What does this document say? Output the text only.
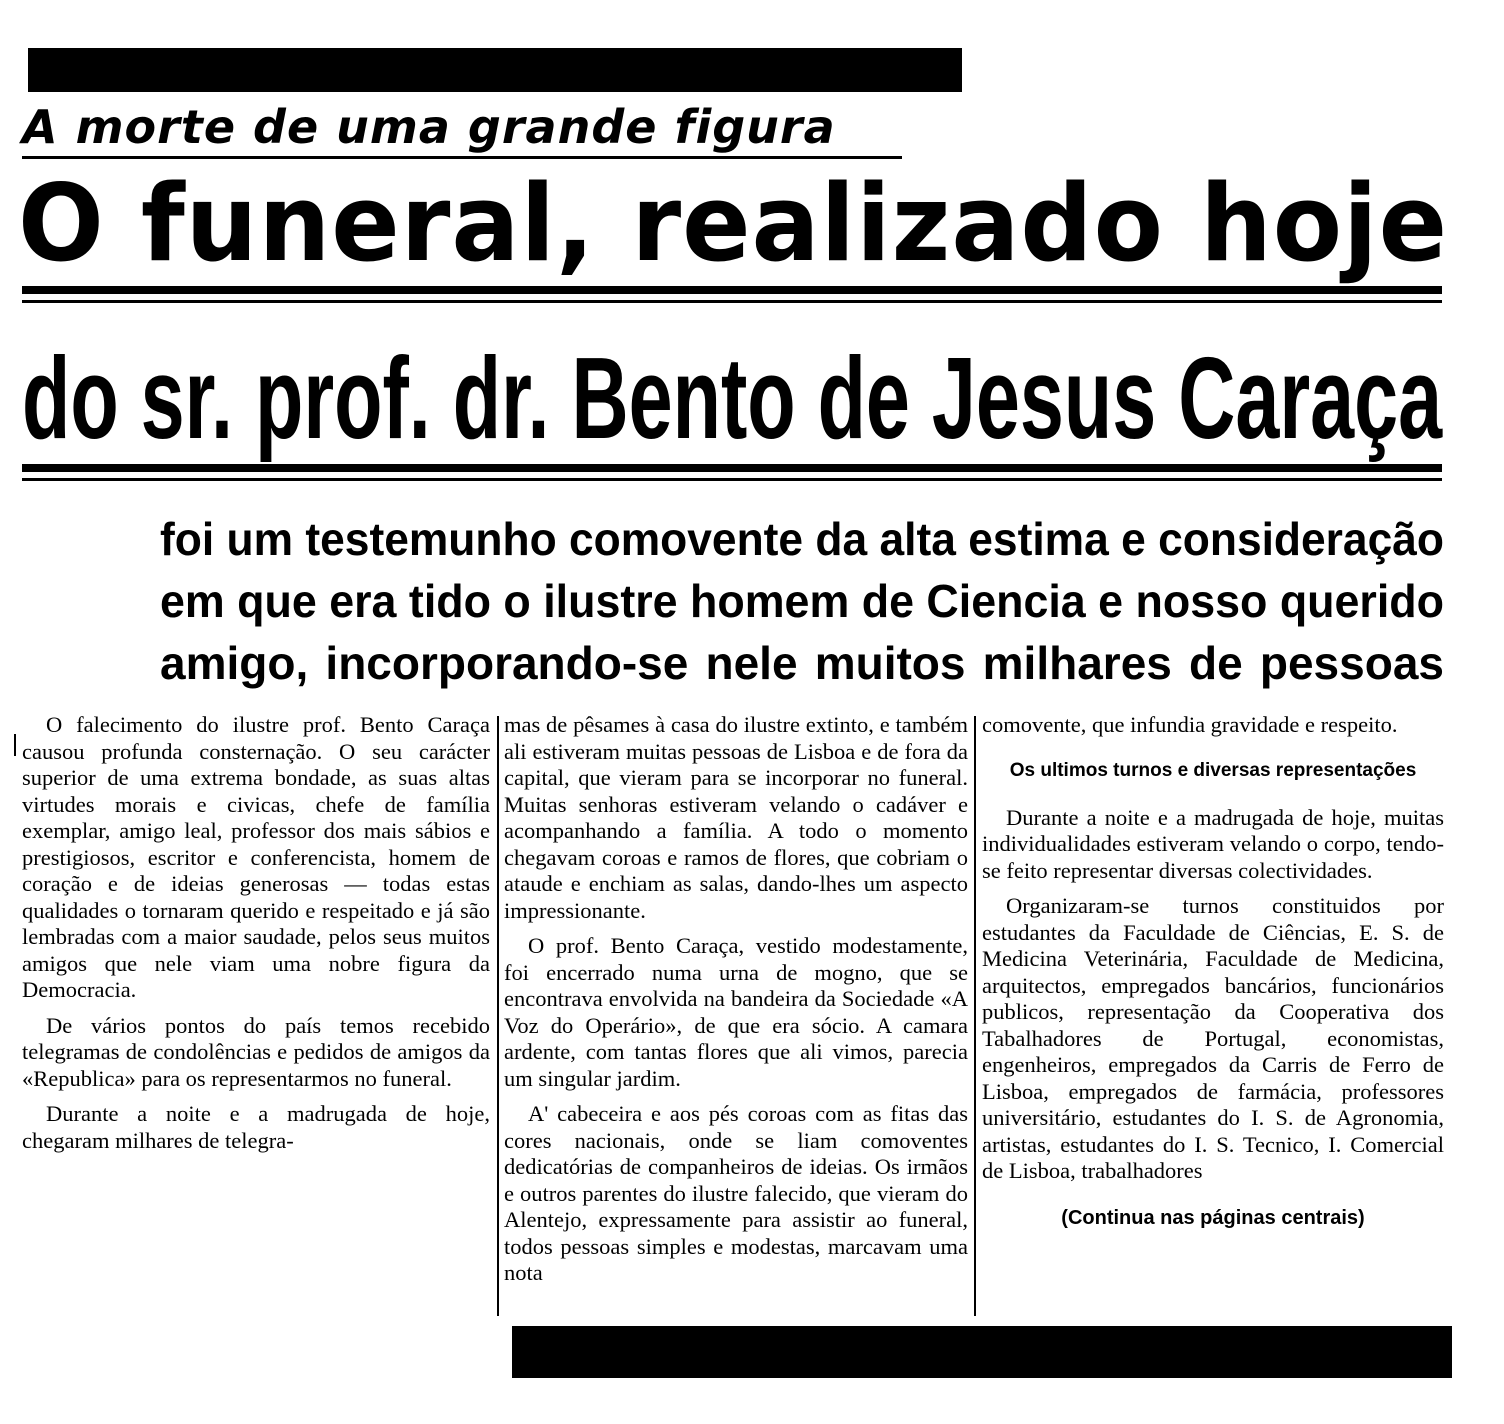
A morte de uma grande figura
O funeral, realizado hoje
do sr. prof. dr. Bento de Jesus Caraça
foi um testemunho comovente da alta estima e consideração
em que era tido o ilustre homem de Ciencia e nosso querido
amigo, incorporando-se nele muitos milhares de pessoas

O falecimento do ilustre prof. Bento Caraça causou profunda consternação. O seu carácter superior de uma extrema bondade, as suas altas virtudes morais e civicas, chefe de família exemplar, amigo leal, professor dos mais sábios e prestigiosos, escritor e conferencista, homem de coração e de ideias generosas — todas estas qualidades o tornaram querido e respeitado e já são lembradas com a maior saudade, pelos seus muitos amigos que nele viam uma nobre figura da Democracia.

De vários pontos do país temos recebido telegramas de condolências e pedidos de amigos da «Republica» para os representarmos no funeral.

Durante a noite e a madrugada de hoje, chegaram milhares de telegra-

mas de pêsames à casa do ilustre extinto, e também ali estiveram muitas pessoas de Lisboa e de fora da capital, que vieram para se incorporar no funeral. Muitas senhoras estiveram velando o cadáver e acompanhando a família. A todo o momento chegavam coroas e ramos de flores, que cobriam o ataude e enchiam as salas, dando-lhes um aspecto impressionante.

O prof. Bento Caraça, vestido modestamente, foi encerrado numa urna de mogno, que se encontrava envolvida na bandeira da Sociedade «A Voz do Operário», de que era sócio. A camara ardente, com tantas flores que ali vimos, parecia um singular jardim.

A' cabeceira e aos pés coroas com as fitas das cores nacionais, onde se liam comoventes dedicatórias de companheiros de ideias. Os irmãos e outros parentes do ilustre falecido, que vieram do Alentejo, expressamente para assistir ao funeral, todos pessoas simples e modestas, marcavam uma nota

comovente, que infundia gravidade e respeito.

Os ultimos turnos e diversas representações

Durante a noite e a madrugada de hoje, muitas individualidades estiveram velando o corpo, tendo-se feito representar diversas colectividades.

Organizaram-se turnos constituidos por estudantes da Faculdade de Ciências, E. S. de Medicina Veterinária, Faculdade de Medicina, arquitectos, empregados bancários, funcionários publicos, representação da Cooperativa dos Tabalhadores de Portugal, economistas, engenheiros, empregados da Carris de Ferro de Lisboa, empregados de farmácia, professores universitário, estudantes do I. S. de Agronomia, artistas, estudantes do I. S. Tecnico, I. Comercial de Lisboa, trabalhadores

(Continua nas páginas centrais)
